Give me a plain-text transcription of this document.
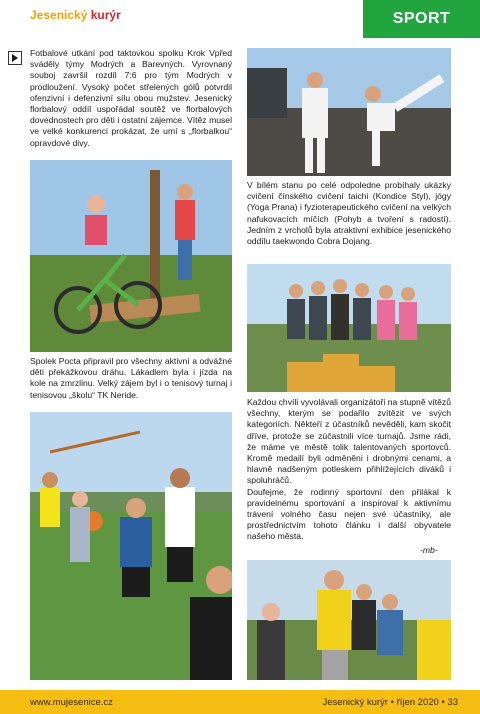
Jesenický kurýr	SPORT

Fotbalové utkání pod taktovkou spolku Krok Vpřed sváděly týmy Modrých a Barevných. Vyrovnaný souboj završil rozdíl 7:6 pro tým Modrých v prodloužení. Vysoký počet střelených gólů potvrdil ofenzivní i defenzivní sílu obou mužstev. Jesenický florbalový oddíl uspořádal soutěž ve florbalových dovednostech pro děti i ostatní zájemce. Vítěz musel ve velké konkurenci prokázat, že umí s „florbalkou“ opravdové divy.

Spolek Pocta připravil pro všechny aktivní a odvážné děti překážkovou dráhu. Lákadlem byla i jízda na kole na zmrzlinu. Velký zájem byl i o tenisový turnaj i tenisovou „školu“ TK Neride.

V bílém stanu po celé odpoledne probíhaly ukázky cvičení čínského cvičení taichi (Kondice Styl), jógy (Yoga Prana) i fyzioterapeutického cvičení na velkých nafukovacích míčích (Pohyb a tvoření s radostí). Jedním z vrcholů byla atraktivní exhibice jesenického oddílu taekwondo Cobra Dojang.

Každou chvíli vyvolávali organizátoři na stupně vítězů všechny, kterým se podařilo zvítězit ve svých kategoriích. Někteří z účastníků nevěděli, kam skočit dříve, protože se zúčastnili více turnajů. Jsme rádi, že máme ve městě tolik talentovaných sportovců. Kromě medailí byli odměněni i drobnými cenami, a hlavně nadšeným potleskem přihlížejících diváků i spoluhráčů.

Doufejme, že rodinný sportovní den přilákal k pravidelnému sportování a inspiroval k aktivnímu trávení volného času nejen své účastníky, ale prostřednictvím tohoto článku i další obyvatele našeho města.

-mb-
www.mujesenice.cz	Jesenický kurýr • říjen 2020 • 33
